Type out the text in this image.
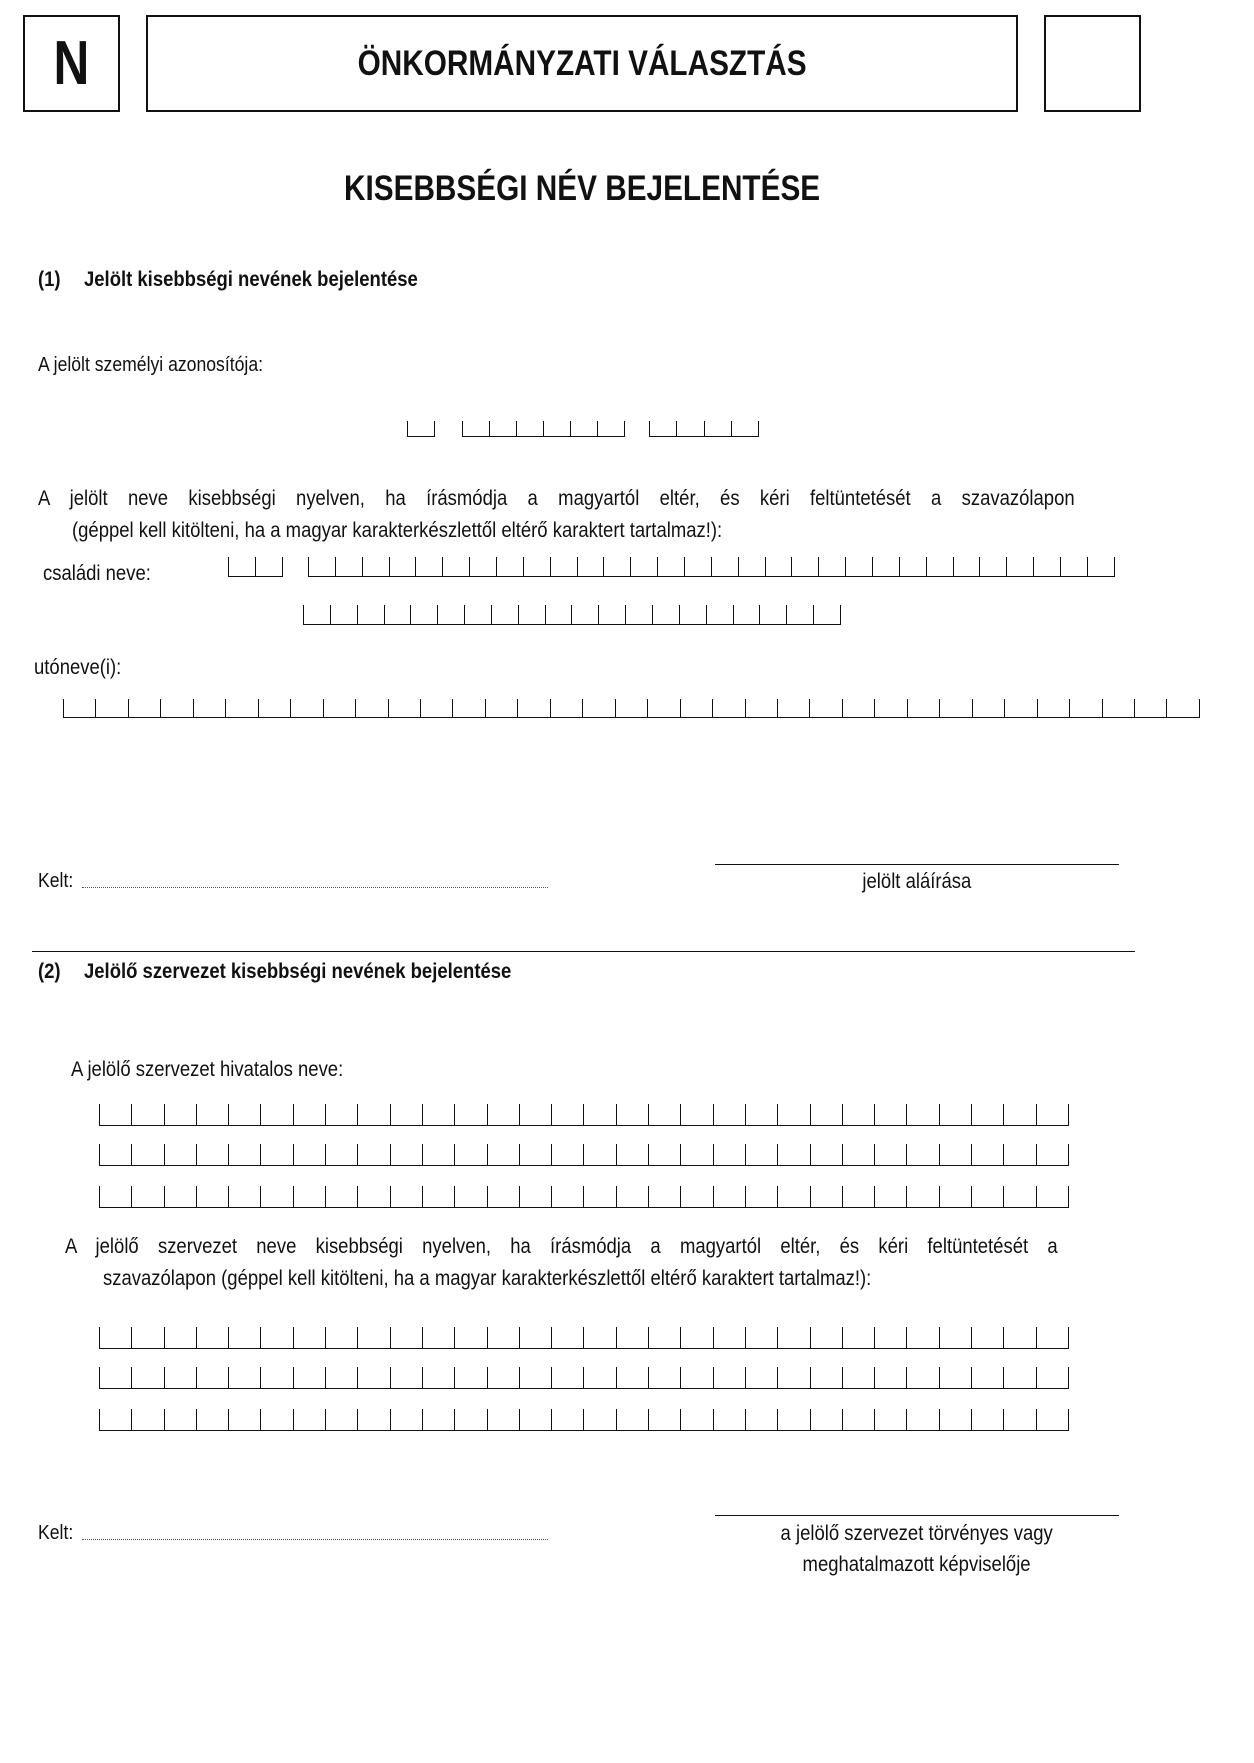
N	ÖNKORMÁNYZATI VÁLASZTÁS
KISEBBSÉGI NÉV BEJELENTÉSE
(1) Jelölt kisebbségi nevének bejelentése
A jelölt személyi azonosítója:
A jelölt neve kisebbségi nyelven, ha írásmódja a magyartól eltér, és kéri feltüntetését a szavazólapon
(géppel kell kitölteni, ha a magyar karakterkészlettől eltérő karaktert tartalmaz!):
családi neve:
utóneve(i):
Kelt:	jelölt aláírása
(2) Jelölő szervezet kisebbségi nevének bejelentése
A jelölő szervezet hivatalos neve:
A jelölő szervezet neve kisebbségi nyelven, ha írásmódja a magyartól eltér, és kéri feltüntetését a
szavazólapon (géppel kell kitölteni, ha a magyar karakterkészlettől eltérő karaktert tartalmaz!):
Kelt:	a jelölő szervezet törvényes vagy
meghatalmazott képviselője
